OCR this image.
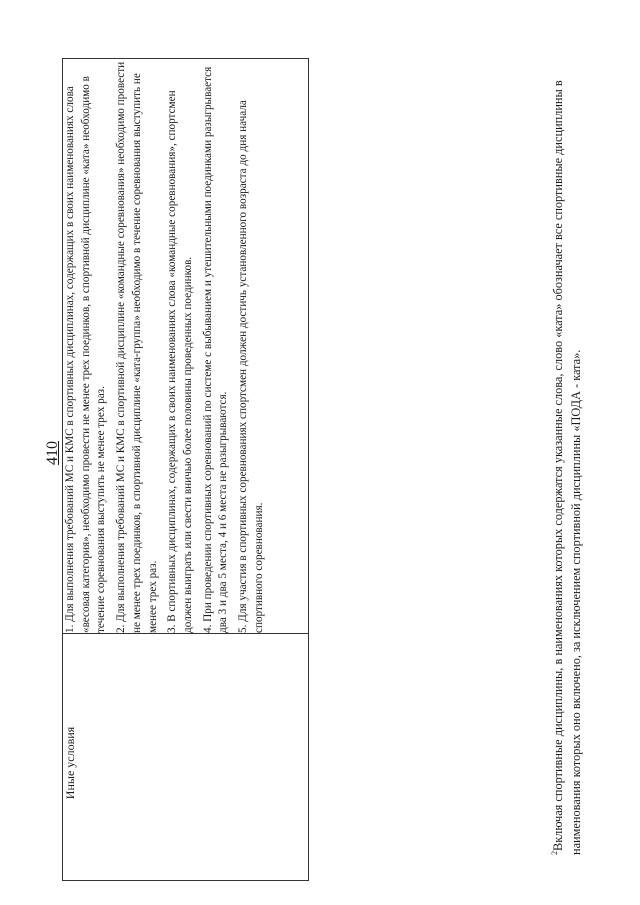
410
Иные условия	

1. Для выполнения требований МС и КМС в спортивных дисциплинах, содержащих в своих наименованиях слова «весовая категория», необходимо провести не менее трех поединков, в спортивной дисциплине «ката» необходимо в течение соревнования выступить не менее трех раз. 2. Для выполнения требований МС и КМС в спортивной дисциплине «командные соревнования» необходимо провести не менее трех поединков, в спортивной дисциплине «ката-группа» необходимо в течение соревнования выступить не менее трех раз. 3. В спортивных дисциплинах, содержащих в своих наименованиях слова «командные соревнования», спортсмен должен выиграть или свести вничью более половины проведенных поединков. 4. При проведении спортивных соревнований по системе с выбыванием и утешительными поединками разыгрывается два 3 и два 5 места, 4 и 6 места не разыгрываются. 5. Для участия в спортивных соревнованиях спортсмен должен достичь установленного возраста до дня начала спортивного соревнования.

$^2$Включая спортивные дисциплины, в наименованиях которых содержатся указанные слова, слово «ката» обозначает все спортивные дисциплины в наименования которых оно включено, за исключением спортивной дисциплины «ПОДА - ката».
